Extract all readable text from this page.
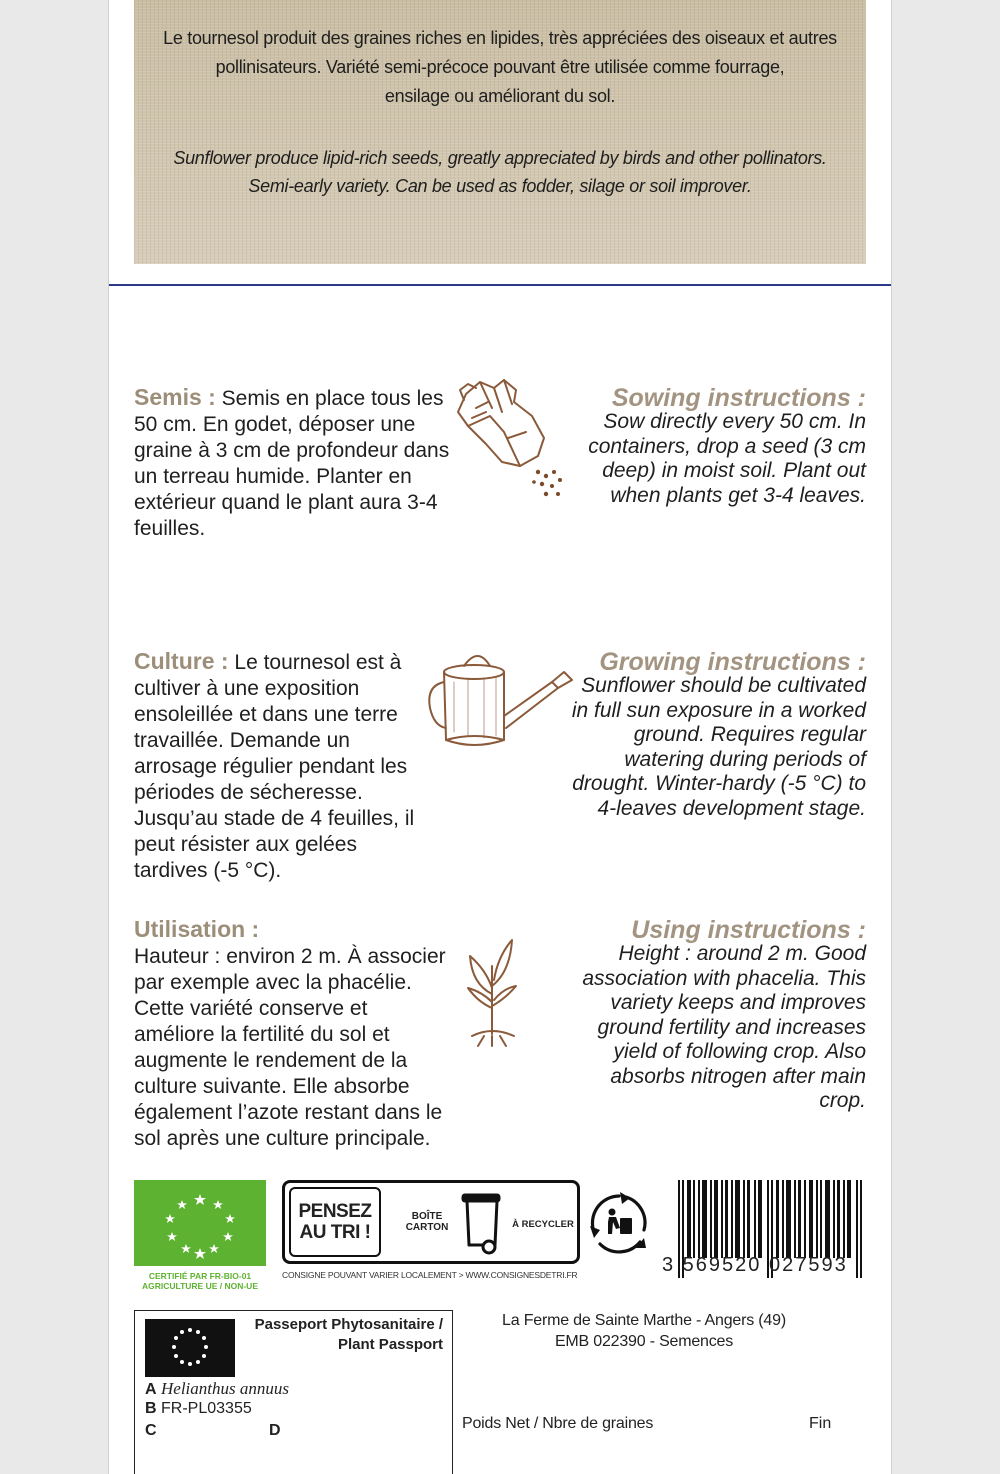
Le tournesol produit des graines riches en lipides, très appréciées des oiseaux et autres
pollinisateurs. Variété semi-précoce pouvant être utilisée comme fourrage,
ensilage ou améliorant du sol.
Sunflower produce lipid-rich seeds, greatly appreciated by birds and other pollinators.
Semi-early variety. Can be used as fodder, silage or soil improver.
Semis : Semis en place tous les 50 cm. En godet, déposer une graine à 3 cm de profondeur dans un terreau humide. Planter en extérieur quand le plant aura 3-4 feuilles.
Sowing instructions :
Sow directly every 50 cm. In containers, drop a seed (3 cm deep) in moist soil. Plant out when plants get 3-4 leaves.
Culture : Le tournesol est à cultiver à une exposition ensoleillée et dans une terre travaillée. Demande un arrosage régulier pendant les périodes de sécheresse. Jusqu’au stade de 4 feuilles, il peut résister aux gelées tardives (-5 °C).
Growing instructions :
Sunflower should be cultivated in full sun exposure in a worked ground. Requires regular watering during periods of drought. Winter-hardy (-5 °C) to 4-leaves development stage.
Utilisation :
Hauteur : environ 2 m. À associer par exemple avec la phacélie. Cette variété conserve et améliore la fertilité du sol et augmente le rendement de la culture suivante. Elle absorbe également l’azote restant dans le sol après une culture principale.
Using instructions :
Height : around 2 m. Good association with phacelia. This variety keeps and improves ground fertility and increases yield of following crop. Also absorbs nitrogen after main crop.
CERTIFIÉ PAR FR-BIO-01
AGRICULTURE UE / NON-UE
PENSEZ
AU TRI !
BOÎTE
CARTON	À RECYCLER
CONSIGNE POUVANT VARIER LOCALEMENT > WWW.CONSIGNESDETRI.FR	3 569520 027593
Passeport Phytosanitaire /
Plant Passport
A Helianthus annuus
B FR-PL03355
C	D
La Ferme de Sainte Marthe - Angers (49)
EMB 022390 - Semences
Poids Net / Nbre de graines	Fin
